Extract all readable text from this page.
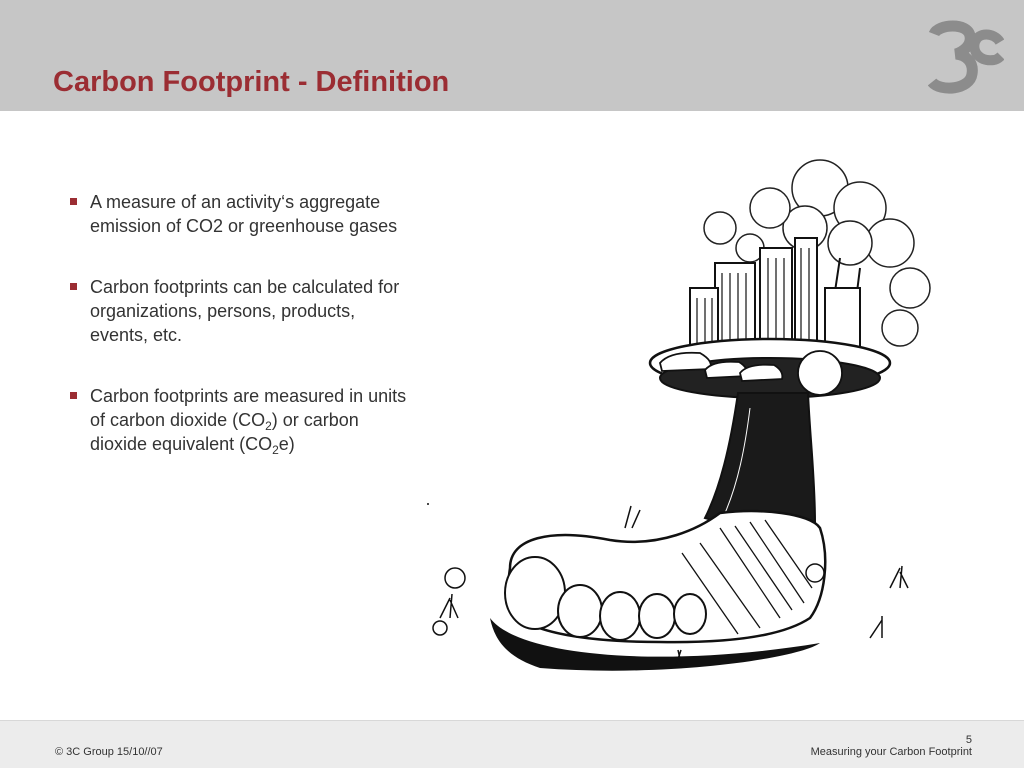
Carbon Footprint - Definition
A measure of an activity‘s aggregate emission of CO2 or greenhouse gases
Carbon footprints can be calculated for organizations, persons, products, events, etc.
Carbon footprints are measured in units of carbon dioxide $(CO_2)$ or carbon dioxide equivalent $(CO_2e)$
© 3C Group 15/10//07
5
Measuring your Carbon Footprint
